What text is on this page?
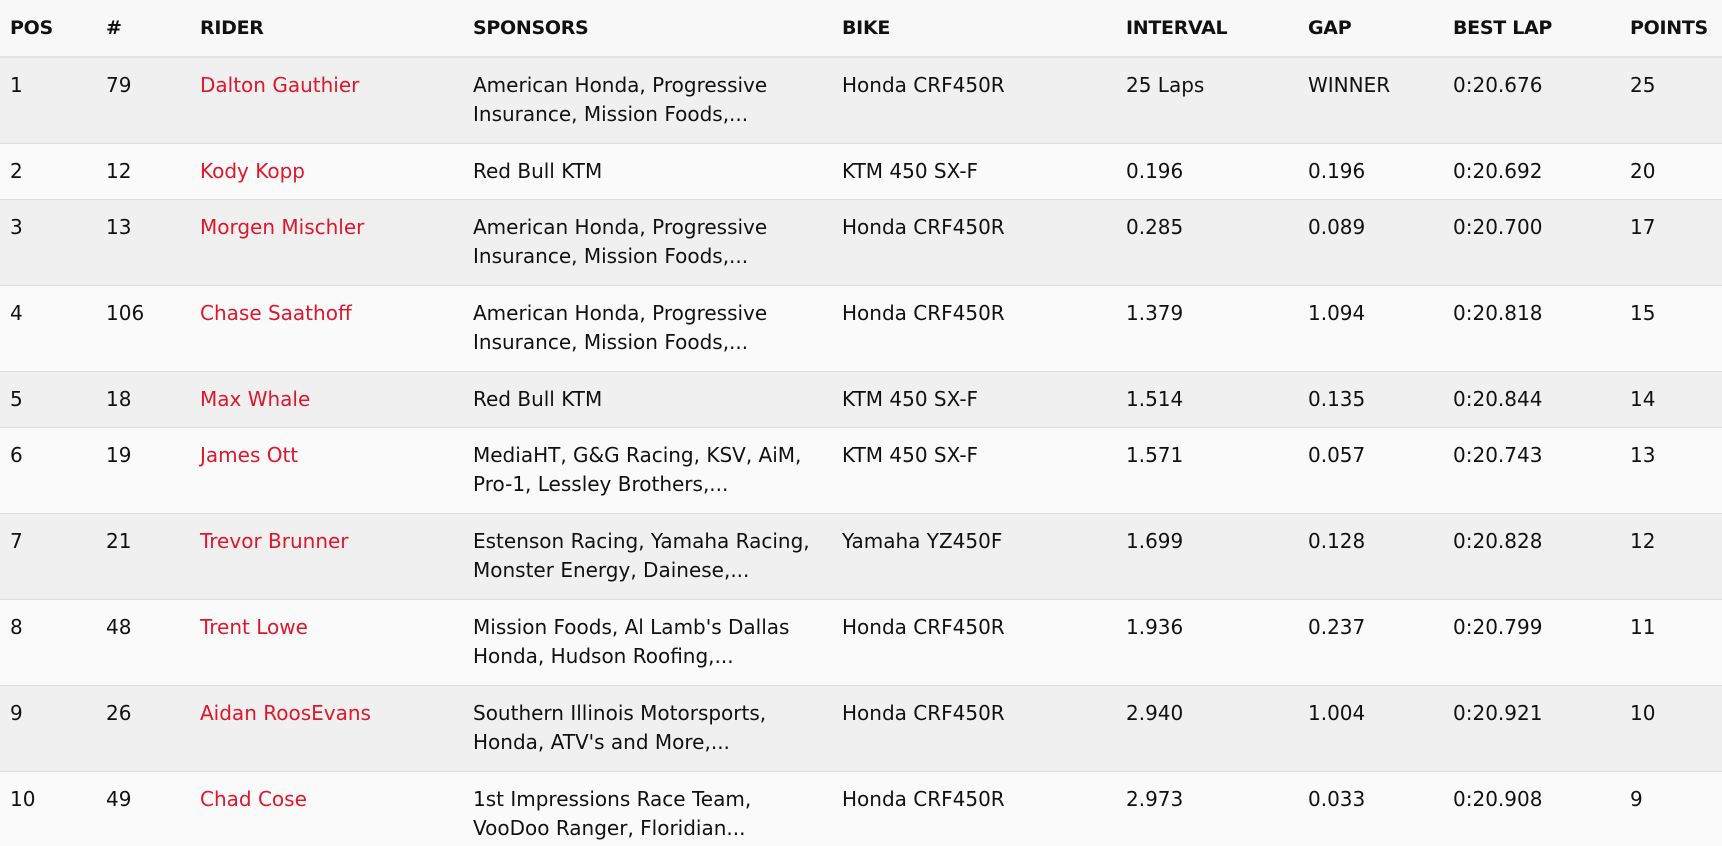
POS	#	RIDER	SPONSORS	BIKE	INTERVAL	GAP	BEST LAP	POINTS
1	79	Dalton Gauthier	American Honda, Progressive Insurance, Mission Foods,...	Honda CRF450R	25 Laps	WINNER	0:20.676	25
2	12	Kody Kopp	Red Bull KTM	KTM 450 SX-F	0.196	0.196	0:20.692	20
3	13	Morgen Mischler	American Honda, Progressive Insurance, Mission Foods,...	Honda CRF450R	0.285	0.089	0:20.700	17
4	106	Chase Saathoff	American Honda, Progressive Insurance, Mission Foods,...	Honda CRF450R	1.379	1.094	0:20.818	15
5	18	Max Whale	Red Bull KTM	KTM 450 SX-F	1.514	0.135	0:20.844	14
6	19	James Ott	MediaHT, G&G Racing, KSV, AiM, Pro-1, Lessley Brothers,...	KTM 450 SX-F	1.571	0.057	0:20.743	13
7	21	Trevor Brunner	Estenson Racing, Yamaha Racing, Monster Energy, Dainese,...	Yamaha YZ450F	1.699	0.128	0:20.828	12
8	48	Trent Lowe	Mission Foods, Al Lamb's Dallas Honda, Hudson Roofing,...	Honda CRF450R	1.936	0.237	0:20.799	11
9	26	Aidan RoosEvans	Southern Illinois Motorsports, Honda, ATV's and More,...	Honda CRF450R	2.940	1.004	0:20.921	10
10	49	Chad Cose	1st Impressions Race Team, VooDoo Ranger, Floridian...	Honda CRF450R	2.973	0.033	0:20.908	9
